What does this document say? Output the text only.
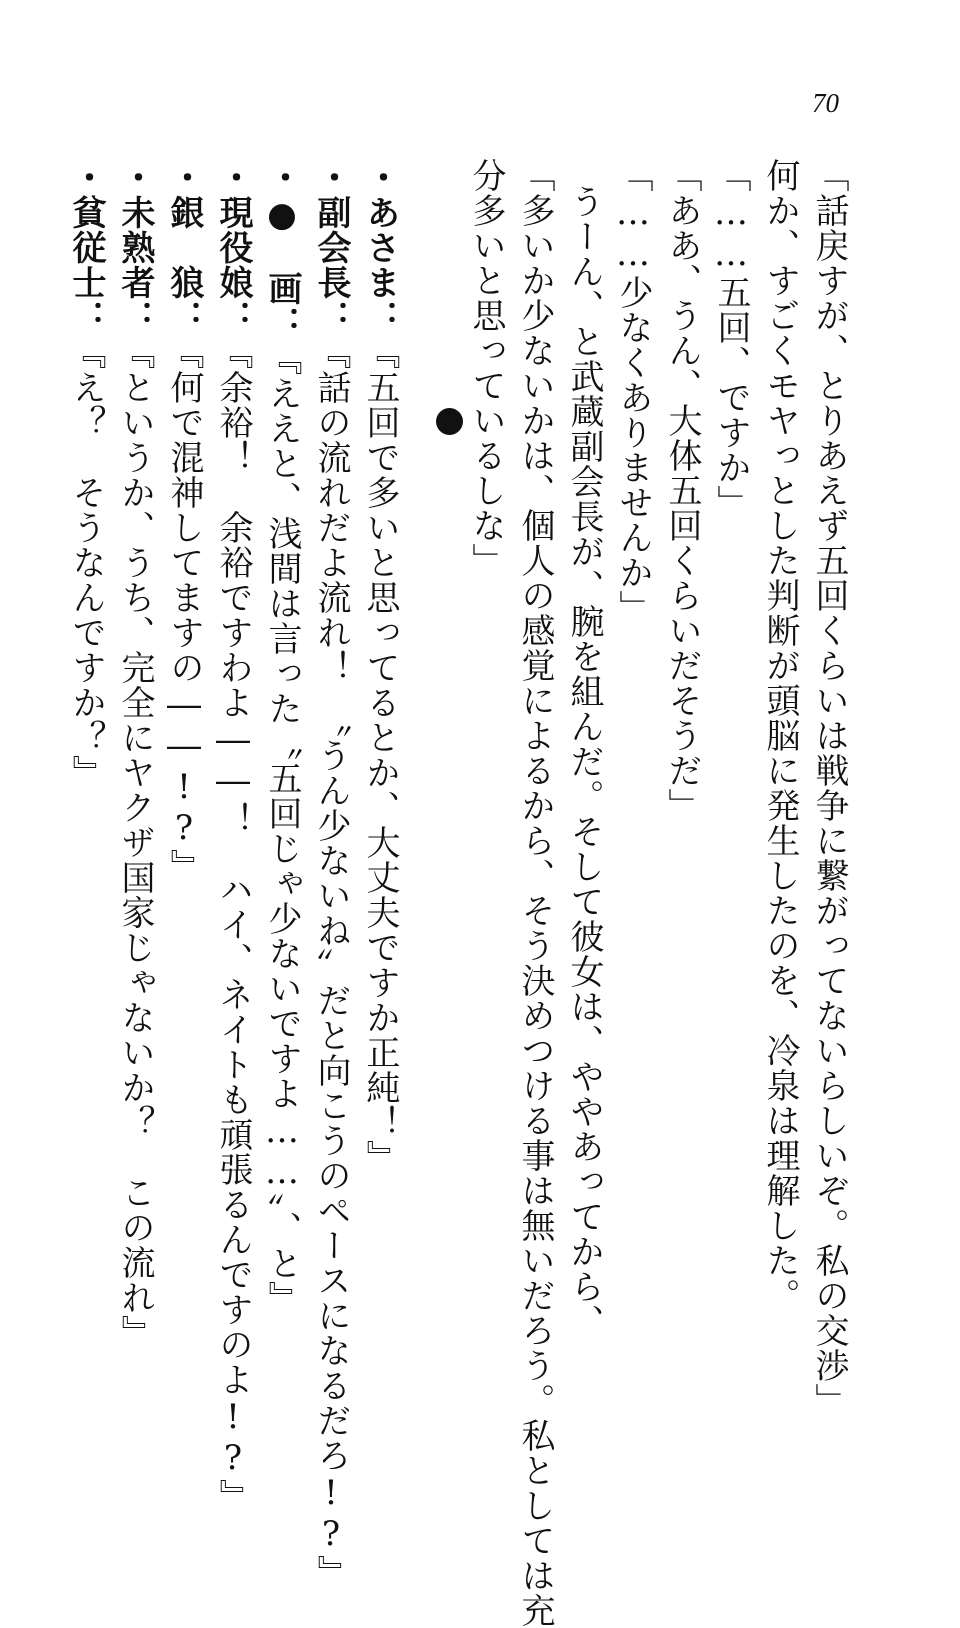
70
「話戻すが、とりあえず五回くらいは戦争に繋がってないらしいぞ。私の交渉」
何か、すごくモヤっとした判断が頭脳に発生したのを、冷泉は理解した。
「……五回、ですか」
「ああ、うん、大体五回くらいだそうだ」
「……少なくありませんか」
うーん、と武蔵副会長が、腕を組んだ。そして彼女は、ややあってから、
「多いか少ないかは、個人の感覚によるから、そう決めつける事は無いだろう。私としては充
分多いと思っているしな」
・あさま：『五回で多いと思ってるとか、大丈夫ですか正純！』
・副会長：『話の流れだよ流れ！　〝うん少ないね〟だと向こうのペースになるだろ!?』
・●　画：『ええと、浅間は言った〝五回じゃ少ないですよ……〟、と』
・現役娘：『余裕！　余裕ですわよ――！　ハイ、ネイトも頑張るんですのよ!?』
・銀　狼：『何で混神してますの――!?』
・未熟者：『というか、うち、完全にヤクザ国家じゃないか？　この流れ』
・貧従士：『え？　そうなんですか？』
